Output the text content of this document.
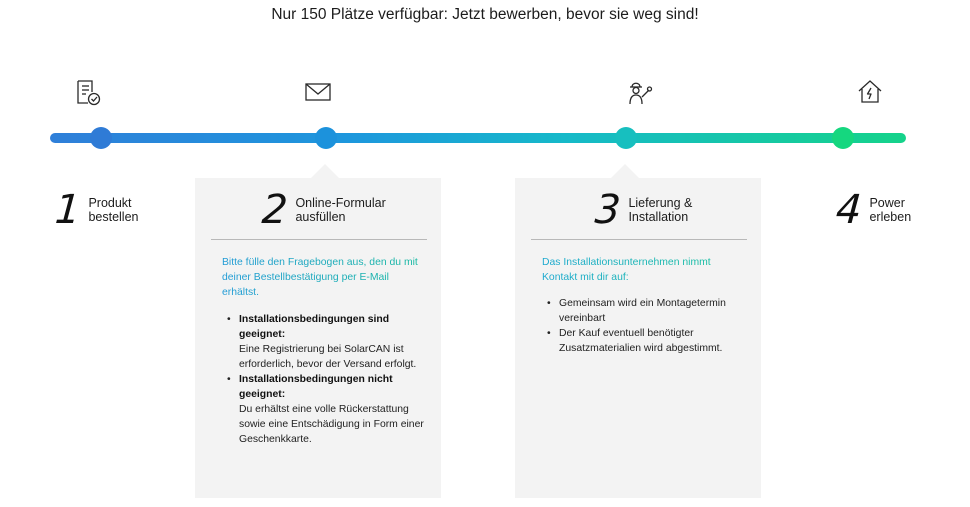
Nur 150 Plätze verfügbar: Jetzt bewerben, bevor sie weg sind!
1 Produkt
bestellen	2 Online-Formular
ausfüllen
Bitte fülle den Fragebogen aus, den du mit deiner Bestellbestätigung per E-Mail erhältst.
• Installationsbedingungen sind geeignet:
Eine Registrierung bei SolarCAN ist erforderlich, bevor der Versand erfolgt.
• Installationsbedingungen nicht geeignet:
Du erhältst eine volle Rückerstattung sowie eine Entschädigung in Form einer Geschenkkarte.
3 Lieferung &
Installation
Das Installationsunternehmen nimmt Kontakt mit dir auf:
• Gemeinsam wird ein Montagetermin vereinbart
• Der Kauf eventuell benötigter Zusatzmaterialien wird abgestimmt.
4 Power
erleben
